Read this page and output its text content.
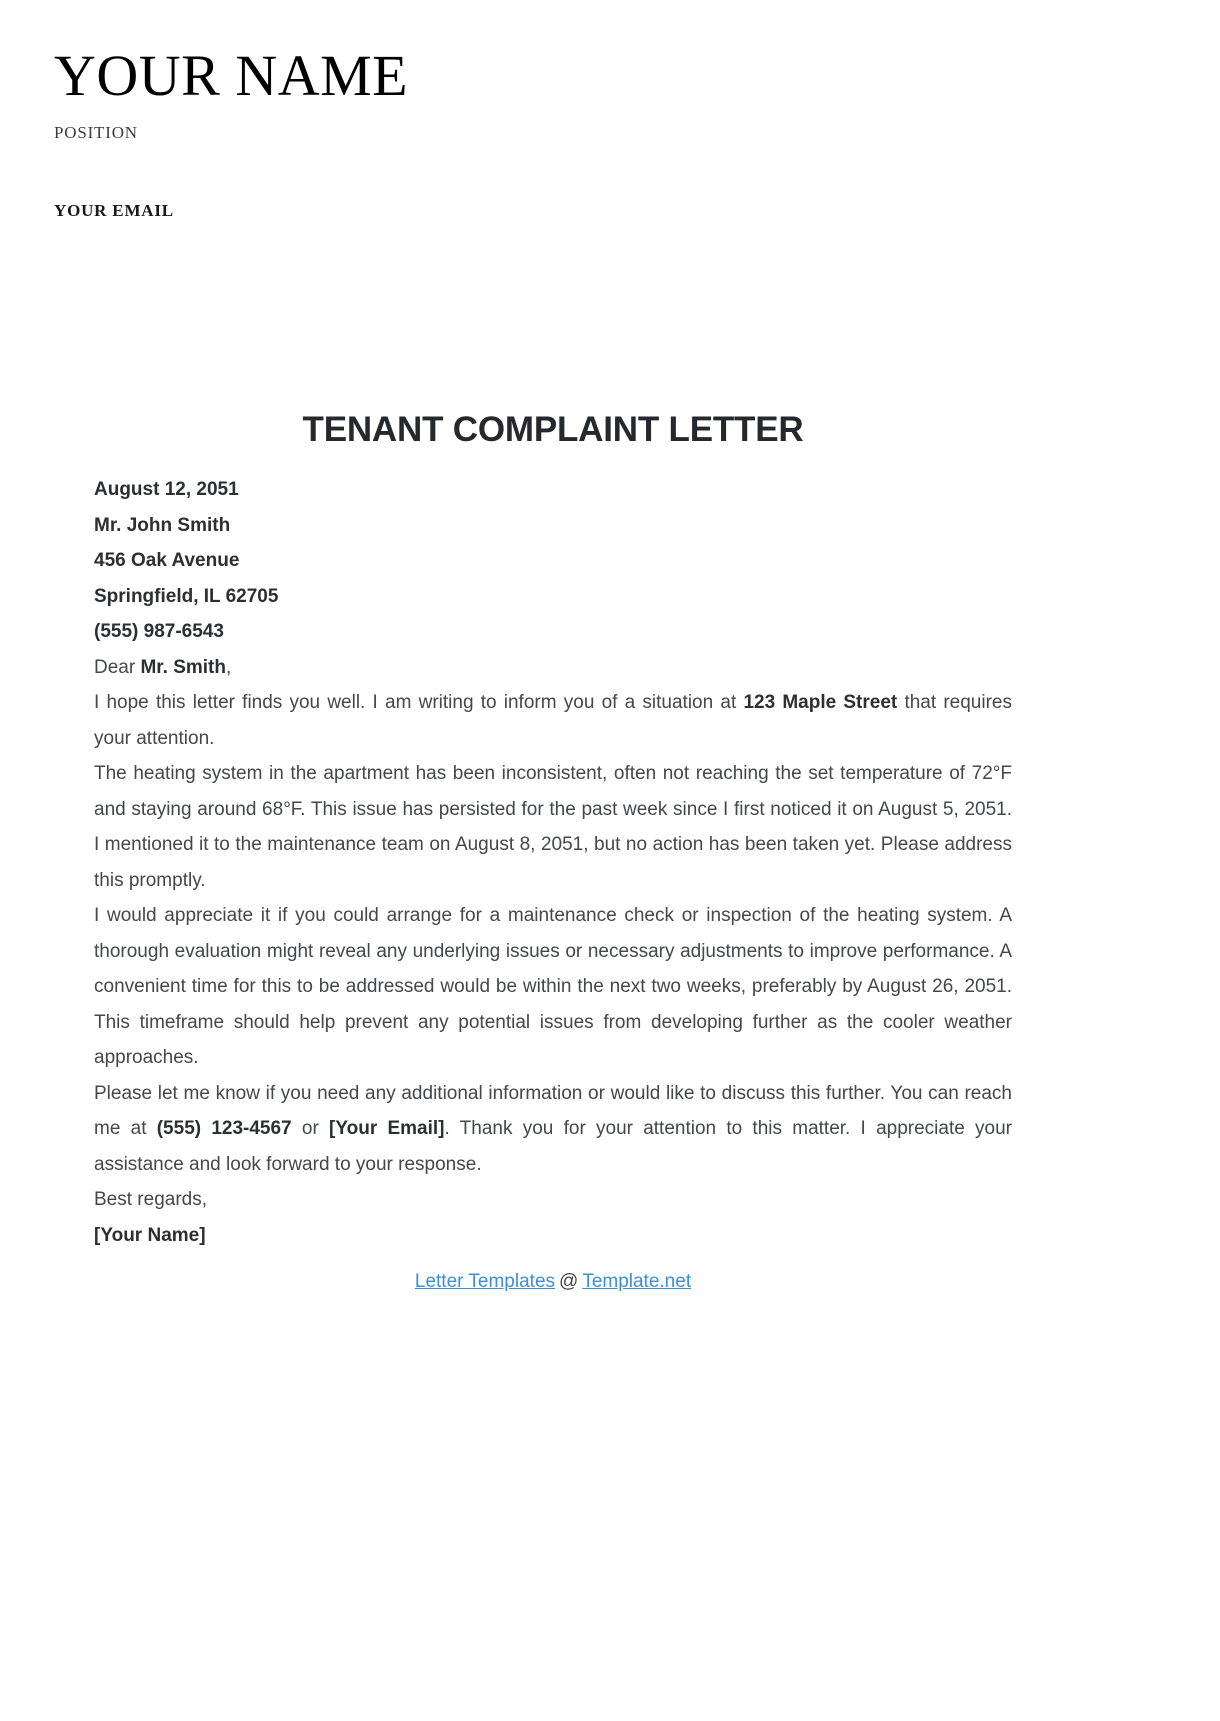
YOUR NAME
POSITION
YOUR EMAIL
TENANT COMPLAINT LETTER
August 12, 2051
Mr. John Smith
456 Oak Avenue
Springfield, IL 62705
(555) 987-6543
Dear Mr. Smith,

I hope this letter finds you well. I am writing to inform you of a situation at 123 Maple Street that requires your attention.

The heating system in the apartment has been inconsistent, often not reaching the set temperature of 72°F and staying around 68°F. This issue has persisted for the past week since I first noticed it on August 5, 2051. I mentioned it to the maintenance team on August 8, 2051, but no action has been taken yet. Please address this promptly.

I would appreciate it if you could arrange for a maintenance check or inspection of the heating system. A thorough evaluation might reveal any underlying issues or necessary adjustments to improve performance. A convenient time for this to be addressed would be within the next two weeks, preferably by August 26, 2051. This timeframe should help prevent any potential issues from developing further as the cooler weather approaches.

Please let me know if you need any additional information or would like to discuss this further. You can reach me at (555) 123-4567 or [Your Email]. Thank you for your attention to this matter. I appreciate your assistance and look forward to your response.

Best regards,
[Your Name]
Letter Templates @ Template.net
